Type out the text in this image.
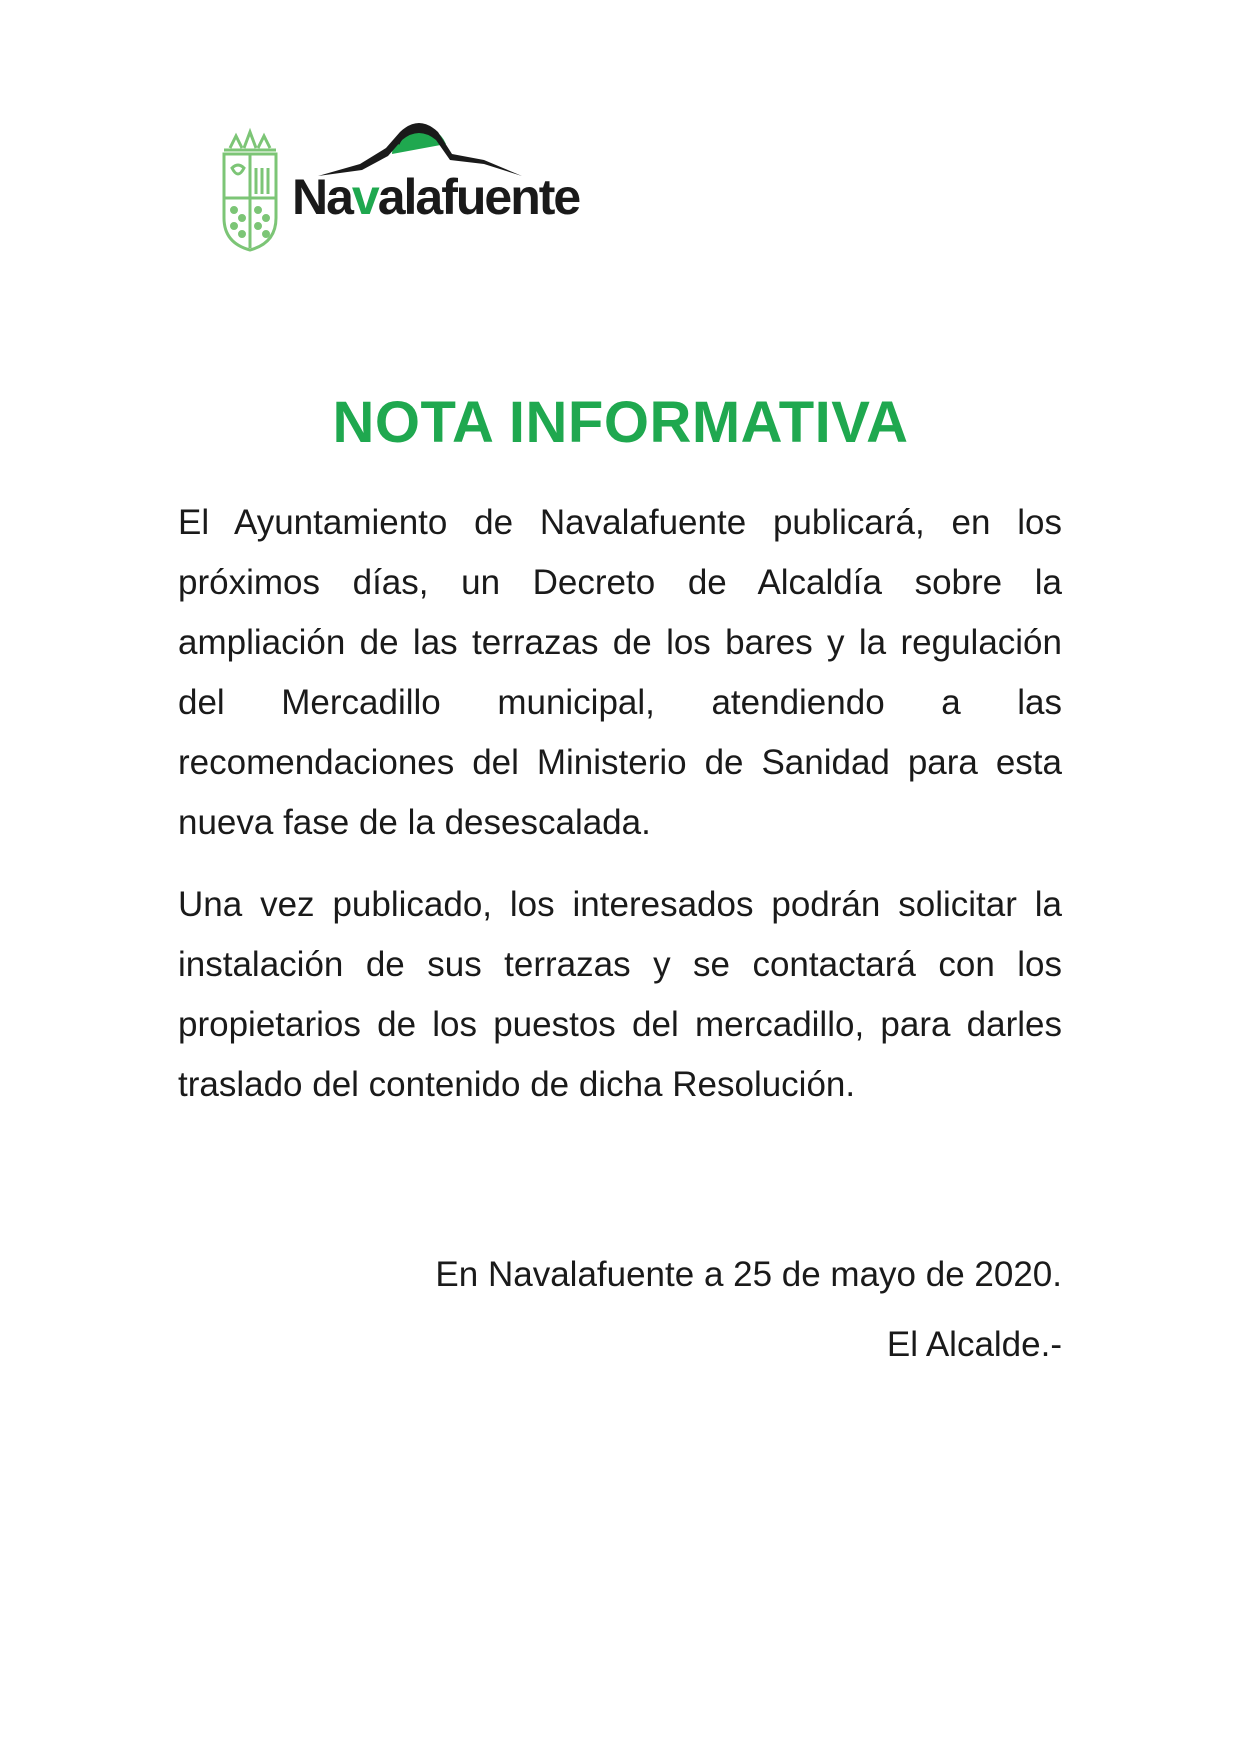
Navalafuente
NOTA INFORMATIVA

El Ayuntamiento de Navalafuente publicará, en los próximos días, un Decreto de Alcaldía sobre la ampliación de las terrazas de los bares y la regulación del Mercadillo municipal, atendiendo a las recomendaciones del Ministerio de Sanidad para esta nueva fase de la desescalada.

Una vez publicado, los interesados podrán solicitar la instalación de sus terrazas y se contactará con los propietarios de los puestos del mercadillo, para darles traslado del contenido de dicha Resolución.

En Navalafuente a 25 de mayo de 2020.

El Alcalde.-
